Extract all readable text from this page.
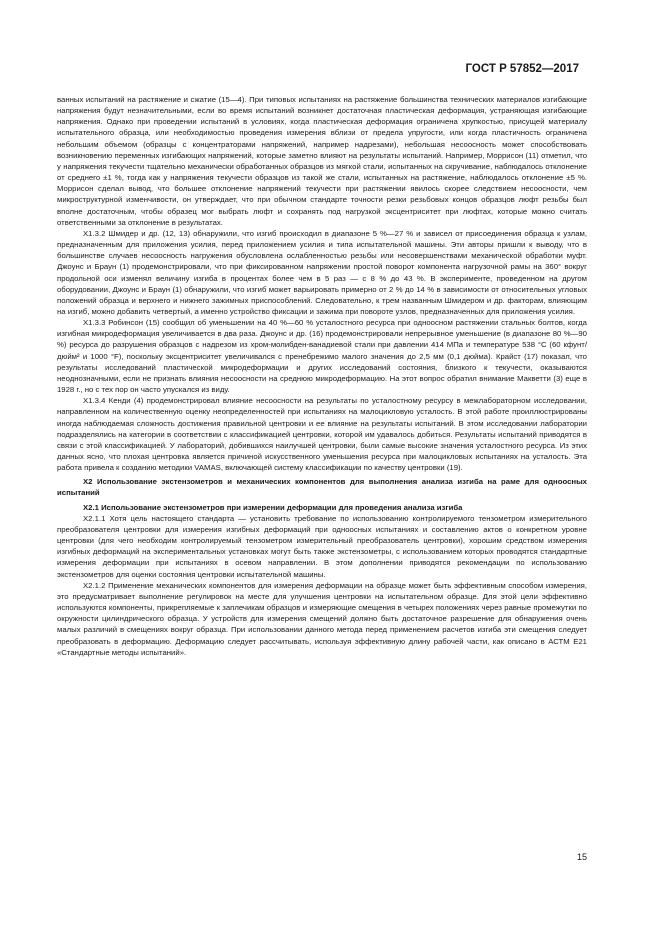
ГОСТ Р 57852—2017

ванных испытаний на растяжение и сжатие (15—4). При типовых испытаниях на растяжение большинства технических материалов изгибающие напряжения будут незначительными, если во время испытаний возникнет достаточная пластическая деформация, устраняющая изгибающие напряжения. Однако при проведении испытаний в условиях, когда пластическая деформация ограничена хрупкостью, присущей материалу испытательного образца, или необходимостью проведения измерения вблизи от предела упругости, или когда пластичность ограничена небольшим объемом (образцы с концентраторами напряжений, например надрезами), небольшая несоосность может способствовать возникновению переменных изгибающих напряжений, которые заметно влияют на результаты испытаний. Например, Моррисон (11) отметил, что у напряжения текучести тщательно механически обработанных образцов из мягкой стали, испытанных на скручивание, наблюдалось отклонение от среднего ±1 %, тогда как у напряжения текучести образцов из такой же стали, испытанных на растяжение, наблюдалось отклонение ±5 %. Моррисон сделал вывод, что большее отклонение напряжений текучести при растяжении явилось скорее следствием несоосности, чем микроструктурной изменчивости, он утверждает, что при обычном стандарте точности резки резьбовых концов образцов люфт резьбы был вполне достаточным, чтобы образец мог выбрать люфт и сохранять под нагрузкой эксцентриситет при люфтах, которые можно считать ответственными за отклонение в результатах.

X1.3.2 Шмидер и др. (12, 13) обнаружили, что изгиб происходил в диапазоне 5 %—27 % и зависел от присоединения образца к узлам, предназначенным для приложения усилия, перед приложением усилия и типа испытательной машины. Эти авторы пришли к выводу, что в большинстве случаев несоосность нагружения обусловлена ослабленностью резьбы или несовершенствами механической обработки муфт. Джоунс и Браун (1) продемонстрировали, что при фиксированном напряжении простой поворот компонента нагрузочной рамы на 360° вокруг продольной оси изменял величину изгиба в процентах более чем в 5 раз — с 8 % до 43 %. В эксперименте, проведенном на другом оборудовании, Джоунс и Браун (1) обнаружили, что изгиб может варьировать примерно от 2 % до 14 % в зависимости от относительных угловых положений образца и верхнего и нижнего зажимных приспособлений. Следовательно, к трем названным Шмидером и др. факторам, влияющим на изгиб, можно добавить четвертый, а именно устройство фиксации и зажима при повороте узлов, предназначенных для приложения усилия.

X1.3.3 Робинсон (15) сообщил об уменьшении на 40 %—60 % усталостного ресурса при одноосном растяжении стальных болтов, когда изгибная микродеформация увеличивается в два раза. Джоунс и др. (16) продемонстрировали непрерывное уменьшение (в диапазоне 80 %—90 %) ресурса до разрушения образцов с надрезом из хром-молибден-ванадиевой стали при давлении 414 МПа и температуре 538 °С (60 кфунт/дюйм² и 1000 °F), поскольку эксцентриситет увеличивался с пренебрежимо малого значения до 2,5 мм (0,1 дюйма). Крайст (17) показал, что результаты исследований пластической микродеформации и других исследований состояния, близкого к текучести, оказываются неоднозначными, если не признать влияния несоосности на среднюю микродеформацию. На этот вопрос обратил внимание Макветти (3) еще в 1928 г., но с тех пор он часто упускался из виду.

X1.3.4 Кенди (4) продемонстрировал влияние несоосности на результаты по усталостному ресурсу в межлабораторном исследовании, направленном на количественную оценку неопределенностей при испытаниях на малоцикловую усталость. В этой работе проиллюстрированы иногда наблюдаемая сложность достижения правильной центровки и ее влияние на результаты испытаний. В этом исследовании лаборатории подразделялись на категории в соответствии с классификацией центровки, которой им удавалось добиться. Результаты испытаний приводятся в связи с этой классификацией. У лабораторий, добившихся наилучшей центровки, были самые высокие значения усталостного ресурса. Из этих данных ясно, что плохая центровка является причиной искусственного уменьшения ресурса при малоцикловых испытаниях на усталость. Эта работа привела к созданию методики VAMAS, включающей систему классификации по качеству центровки (19).

X2 Использование экстензометров и механических компонентов для выполнения анализа изгиба на раме для одноосных испытаний

X2.1 Использование экстензометров при измерении деформации для проведения анализа изгиба

X2.1.1 Хотя цель настоящего стандарта — установить требование по использованию контролируемого тензометром измерительного преобразователя центровки для измерения изгибных деформаций при одноосных испытаниях и составлению актов о конкретном уровне центровки (для чего необходим контролируемый тензометром измерительный преобразователь центровки), хорошим средством измерения изгибных деформаций на экспериментальных установках могут быть также экстензометры, с использованием которых проводятся стандартные измерения деформации при испытаниях в осевом направлении. В этом дополнении приводятся рекомендации по использованию экстензометров для оценки состояния центровки испытательной машины.

X2.1.2 Применение механических компонентов для измерения деформации на образце может быть эффективным способом измерения, это предусматривает выполнение регулировок на месте для улучшения центровки на испытательном образце. Для этой цели эффективно используются компоненты, прикрепляемые к заплечикам образцов и измеряющие смещения в четырех положениях через равные промежутки по окружности цилиндрического образца. У устройств для измерения смещений должно быть достаточное разрешение для обнаружения очень малых различий в смещениях вокруг образца. При использовании данного метода перед применением расчетов изгиба эти смещения следует преобразовать в деформацию. Деформацию следует рассчитывать, используя эффективную длину рабочей части, как описано в АСТМ Е21 «Стандартные методы испытаний».

15
